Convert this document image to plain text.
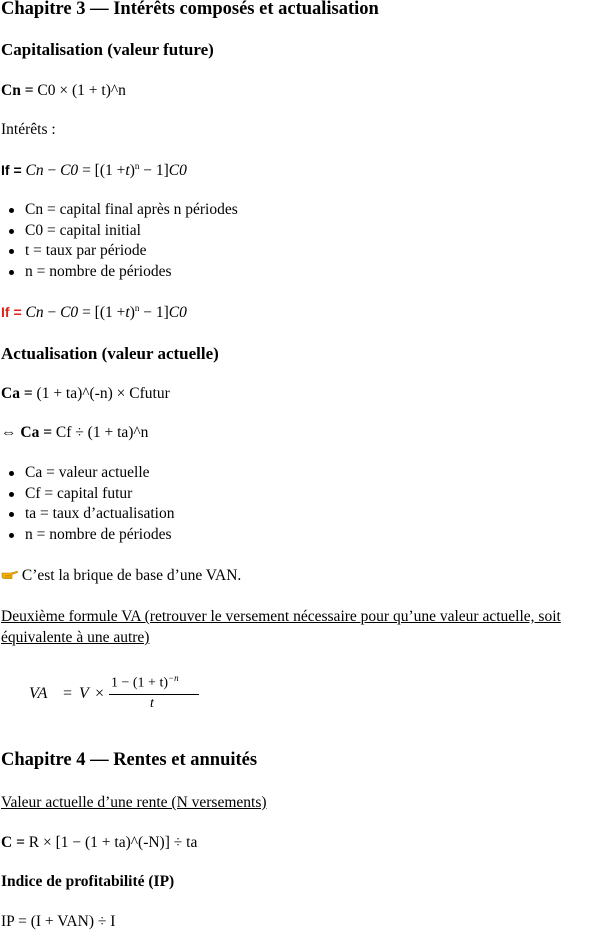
Chapitre 3 — Intérêts composés et actualisation
Capitalisation (valeur future)
Cn = C0 × (1 + t)^n
Intérêts :
$If = Cn - C0 = [(1 +t)^n - 1]C0$
Cn = capital final après n périodes
C0 = capital initial
t = taux par période
n = nombre de périodes
$If = Cn - C0 = [(1 +t)^n - 1]C0$
Actualisation (valeur actuelle)
Ca = (1 + ta)^(-n) × Cfutur
⇔ Ca = Cf ÷ (1 + ta)^n
Ca = valeur actuelle
Cf = capital futur
ta = taux d’actualisation
n = nombre de périodes
C’est la brique de base d’une VAN.
Deuxième formule VA (retrouver le versement nécessaire pour qu’une valeur actuelle, soit équivalente à une autre)
VA = V ×
$1 - (1 + t)^{-n}$
t
Chapitre 4 — Rentes et annuités
Valeur actuelle d’une rente (N versements)
C = R × [1 − (1 + ta)^(-N)] ÷ ta
Indice de profitabilité (IP)
IP = (I + VAN) ÷ I
